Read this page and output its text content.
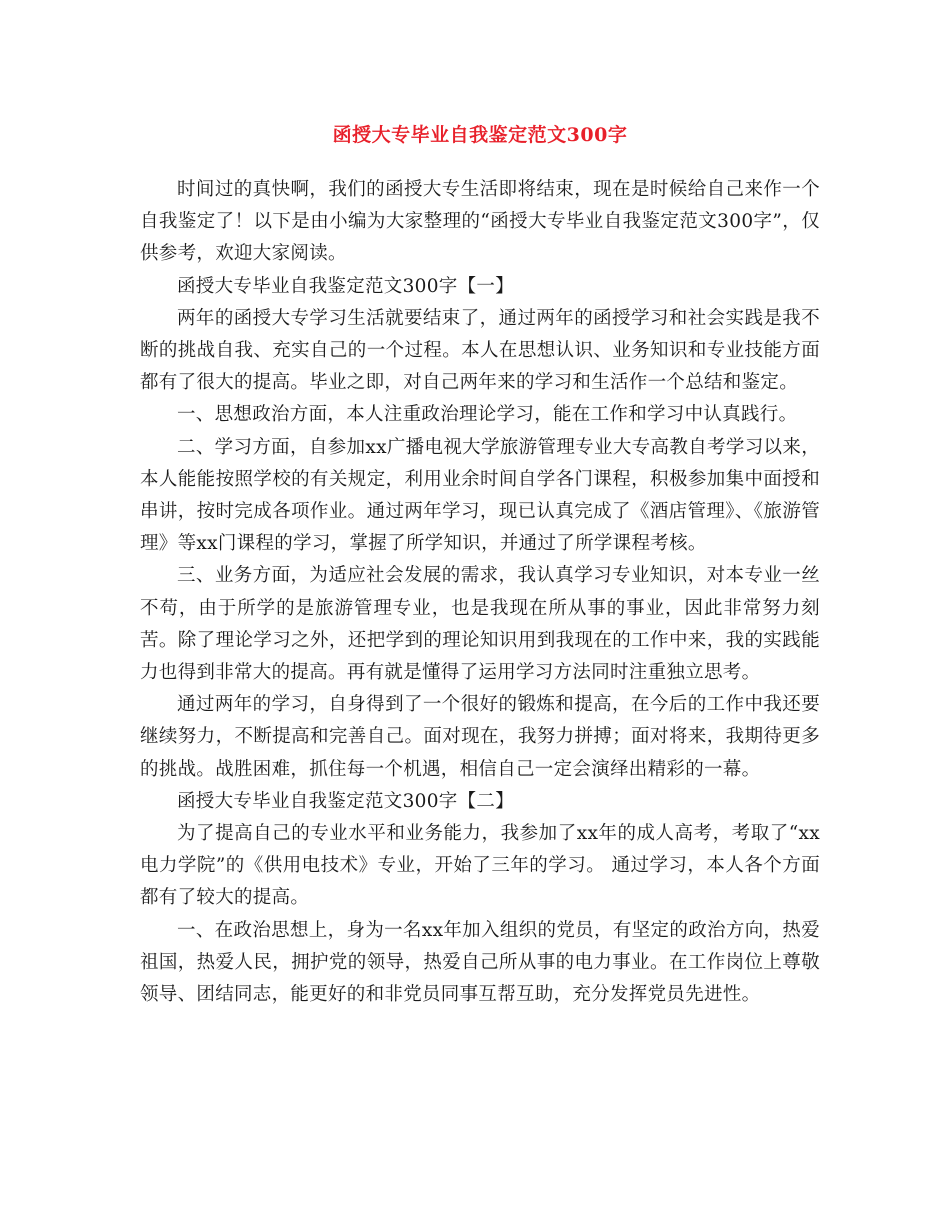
函授大专毕业自我鉴定范文300字

时间过的真快啊，我们的函授大专生活即将结束，现在是时候给自己来作一个自我鉴定了！以下是由小编为大家整理的“函授大专毕业自我鉴定范文300字”，仅供参考，欢迎大家阅读。

函授大专毕业自我鉴定范文300字【一】

两年的函授大专学习生活就要结束了，通过两年的函授学习和社会实践是我不断的挑战自我、充实自己的一个过程。本人在思想认识、业务知识和专业技能方面都有了很大的提高。毕业之即，对自己两年来的学习和生活作一个总结和鉴定。

一、思想政治方面，本人注重政治理论学习，能在工作和学习中认真践行。

二、学习方面，自参加xx广播电视大学旅游管理专业大专高教自考学习以来，本人能能按照学校的有关规定，利用业余时间自学各门课程，积极参加集中面授和串讲，按时完成各项作业。通过两年学习，现已认真完成了《酒店管理》、《旅游管理》等xx门课程的学习，掌握了所学知识，并通过了所学课程考核。

三、业务方面，为适应社会发展的需求，我认真学习专业知识，对本专业一丝不苟，由于所学的是旅游管理专业，也是我现在所从事的事业，因此非常努力刻苦。除了理论学习之外，还把学到的理论知识用到我现在的工作中来，我的实践能力也得到非常大的提高。再有就是懂得了运用学习方法同时注重独立思考。

通过两年的学习，自身得到了一个很好的锻炼和提高，在今后的工作中我还要继续努力，不断提高和完善自己。面对现在，我努力拼搏；面对将来，我期待更多的挑战。战胜困难，抓住每一个机遇，相信自己一定会演绎出精彩的一幕。

函授大专毕业自我鉴定范文300字【二】

为了提高自己的专业水平和业务能力，我参加了xx年的成人高考，考取了“xx电力学院”的《供用电技术》专业，开始了三年的学习。 通过学习，本人各个方面都有了较大的提高。

一、在政治思想上，身为一名xx年加入组织的党员，有坚定的政治方向，热爱祖国，热爱人民，拥护党的领导，热爱自己所从事的电力事业。在工作岗位上尊敬领导、团结同志，能更好的和非党员同事互帮互助，充分发挥党员先进性。
